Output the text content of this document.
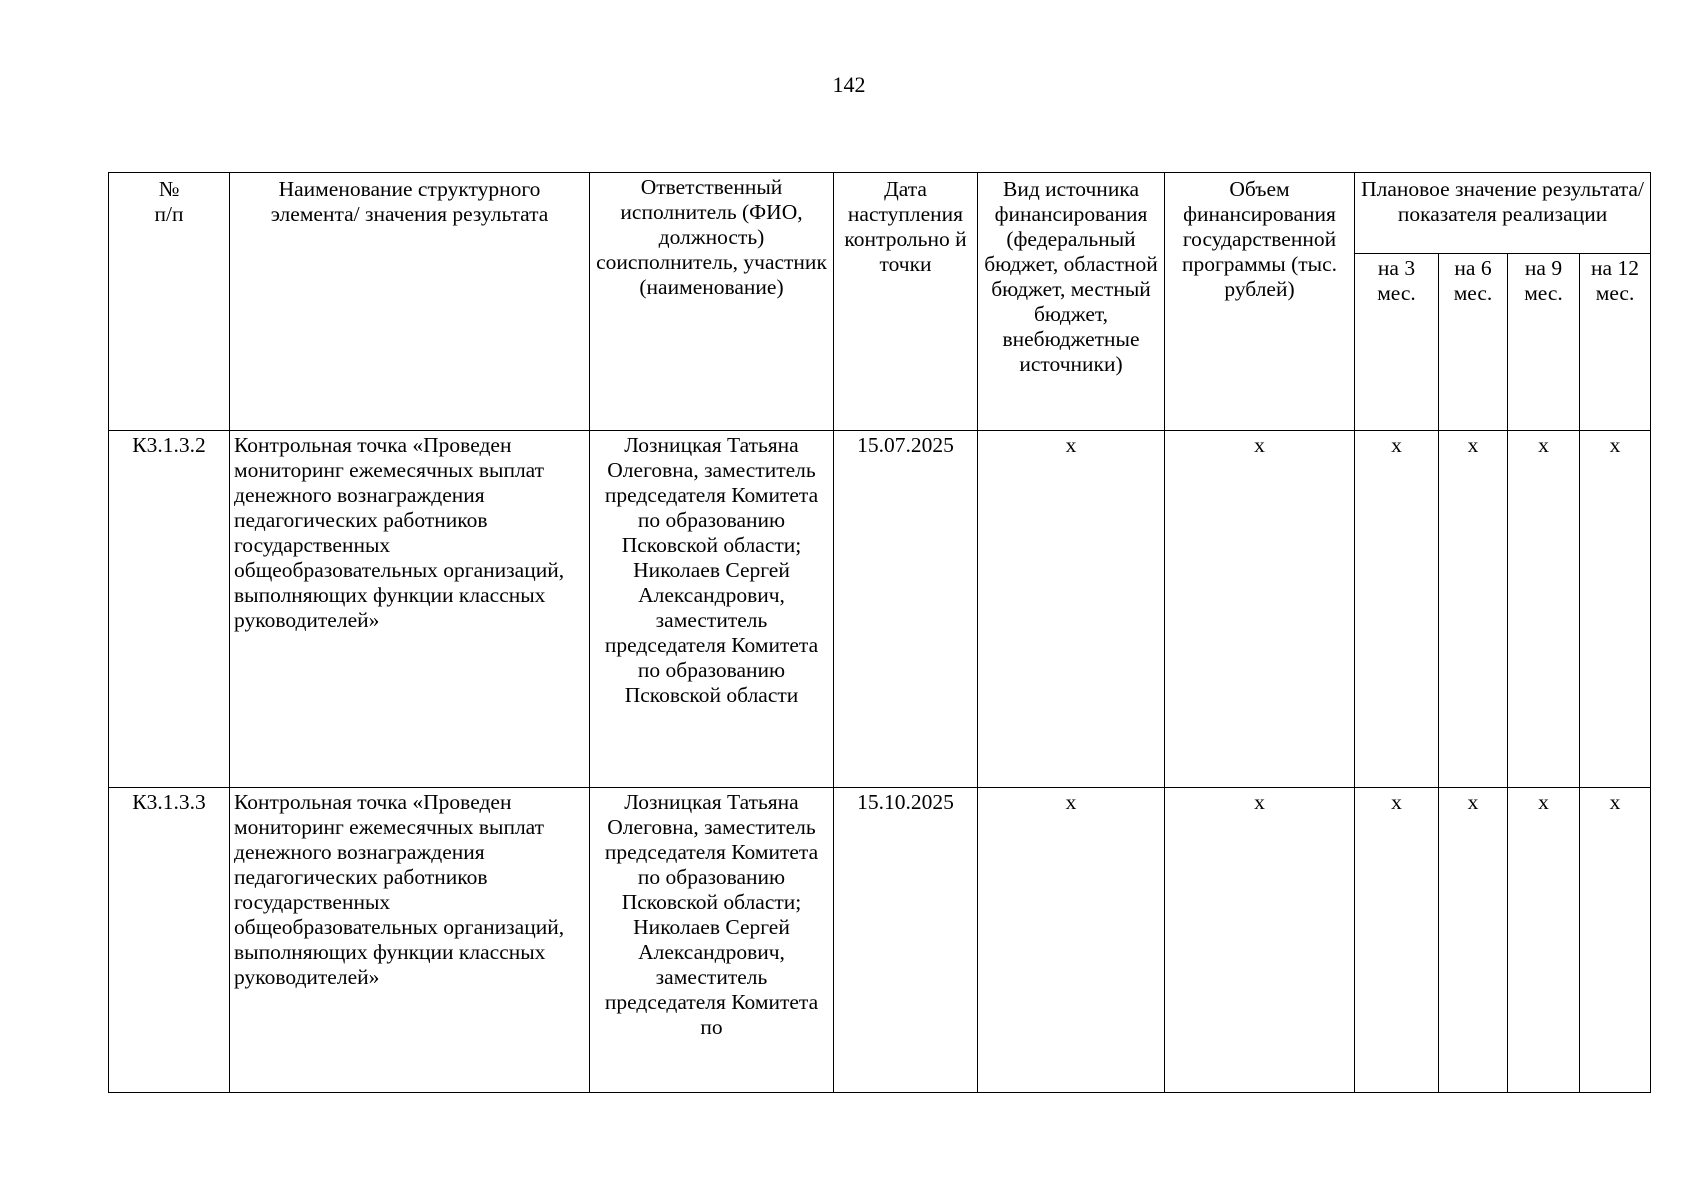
142
№
п/п	Наименование структурного элемента/ значения результата	Ответственный исполнитель (ФИО, должность) соисполнитель, участник (наименование)	Дата наступления контрольно й точки	Вид источника финансирования (федеральный бюджет, областной бюджет, местный бюджет, внебюджетные источники)	Объем финансирования государственной программы (тыс. рублей)	Плановое значение результата/показателя реализации			
						на 3 мес.	на 6 мес.	на 9 мес.	на 12 мес.
К3.1.3.2	Контрольная точка «Проведен мониторинг ежемесячных выплат денежного вознаграждения педагогических работников государственных общеобразовательных организаций, выполняющих функции классных руководителей»	Лозницкая Татьяна Олеговна, заместитель председателя Комитета по образованию Псковской области; Николаев Сергей Александрович, заместитель председателя Комитета по образованию Псковской области	15.07.2025	х	х	х	х	х	х
К3.1.3.3	Контрольная точка «Проведен мониторинг ежемесячных выплат денежного вознаграждения педагогических работников государственных общеобразовательных организаций, выполняющих функции классных руководителей»	Лозницкая Татьяна Олеговна, заместитель председателя Комитета по образованию Псковской области; Николаев Сергей Александрович, заместитель председателя Комитета по	15.10.2025	х	х	х	х	х	х
